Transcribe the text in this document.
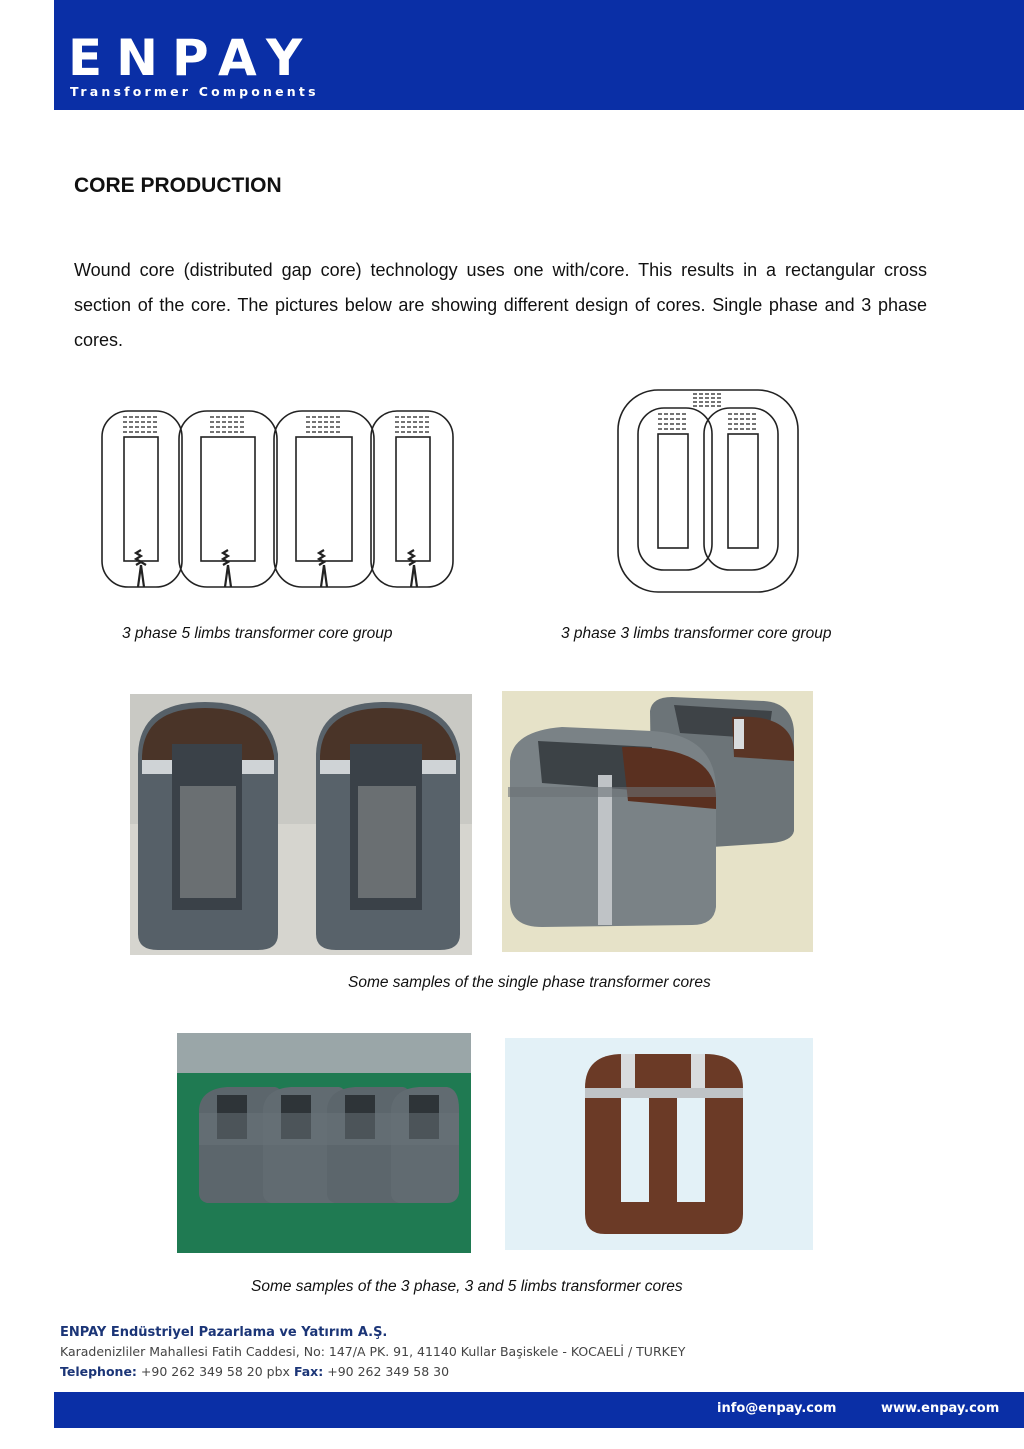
ENPAY
Transformer Components
CORE PRODUCTION

Wound core (distributed gap core) technology uses one with/core. This results in a rectangular cross section of the core. The pictures below are showing different design of cores. Single phase and 3 phase cores.

3 phase 5 limbs transformer core group	3 phase 3 limbs transformer core group
Some samples of the single phase transformer cores
Some samples of the 3 phase, 3 and 5 limbs transformer cores
ENPAY Endüstriyel Pazarlama ve Yatırım A.Ş.
Karadenizliler Mahallesi Fatih Caddesi, No: 147/A PK. 91, 41140 Kullar Başiskele - KOCAELİ / TURKEY
Telephone: +90 262 349 58 20 pbx Fax: +90 262 349 58 30
info@enpay.com	www.enpay.com
